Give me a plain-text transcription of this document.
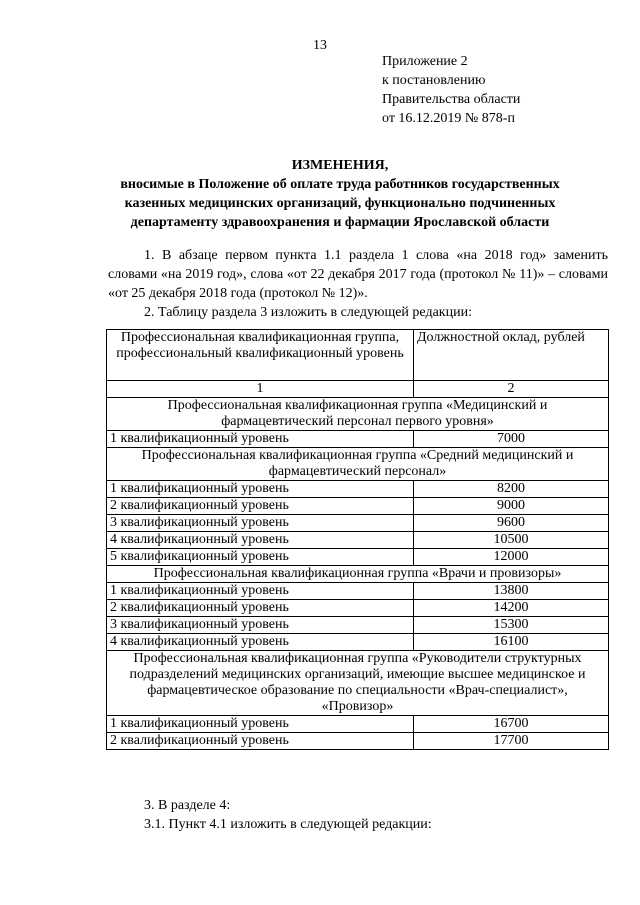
13
Приложение 2
к постановлению
Правительства области
от 16.12.2019 № 878-п
ИЗМЕНЕНИЯ,
вносимые в Положение об оплате труда работников государственных
казенных медицинских организаций, функционально подчиненных
департаменту здравоохранения и фармации Ярославской области

1. В абзаце первом пункта 1.1 раздела 1 слова «на 2018 год» заменить словами «на 2019 год», слова «от 22 декабря 2017 года (протокол № 11)» – словами «от 25 декабря 2018 года (протокол № 12)».

2. Таблицу раздела 3 изложить в следующей редакции:

Профессиональная квалификационная группа, профессиональный квалификационный уровень	Должностной оклад, рублей
1	2
Профессиональная квалификационная группа «Медицинский и фармацевтический персонал первого уровня»	
1 квалификационный уровень	7000
Профессиональная квалификационная группа «Средний медицинский и фармацевтический персонал»	
1 квалификационный уровень	8200
2 квалификационный уровень	9000
3 квалификационный уровень	9600
4 квалификационный уровень	10500
5 квалификационный уровень	12000
Профессиональная квалификационная группа «Врачи и провизоры»	
1 квалификационный уровень	13800
2 квалификационный уровень	14200
3 квалификационный уровень	15300
4 квалификационный уровень	16100
Профессиональная квалификационная группа «Руководители структурных подразделений медицинских организаций, имеющие высшее медицинское и фармацевтическое образование по специальности «Врач-специалист», «Провизор»	
1 квалификационный уровень	16700
2 квалификационный уровень	17700

3. В разделе 4:

3.1. Пункт 4.1 изложить в следующей редакции:
